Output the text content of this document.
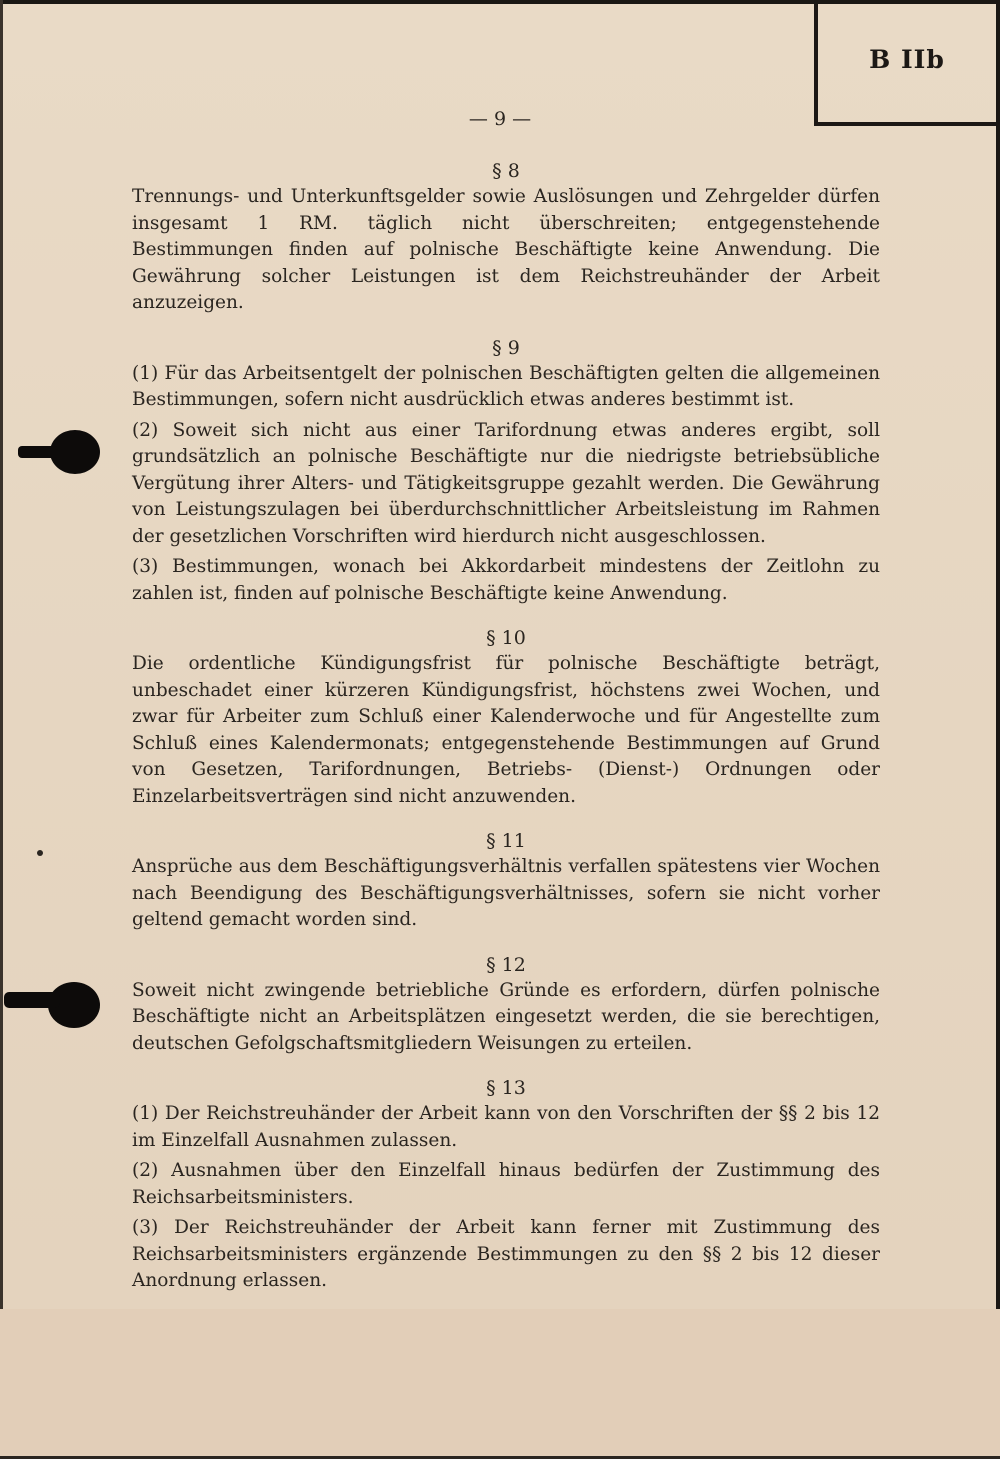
B IIb
— 9 —

§ 8

Trennungs- und Unterkunftsgelder sowie Auslösungen und Zehrgelder dürfen insgesamt 1 RM. täglich nicht überschreiten; entgegenstehende Bestimmungen finden auf polnische Beschäftigte keine Anwendung. Die Gewährung solcher Leistungen ist dem Reichstreuhänder der Arbeit anzuzeigen.

§ 9

(1) Für das Arbeitsentgelt der polnischen Beschäftigten gelten die allgemeinen Bestimmungen, sofern nicht ausdrücklich etwas anderes bestimmt ist.

(2) Soweit sich nicht aus einer Tarifordnung etwas anderes ergibt, soll grundsätzlich an polnische Beschäftigte nur die niedrigste betriebsübliche Vergütung ihrer Alters- und Tätigkeitsgruppe gezahlt werden. Die Gewährung von Leistungszulagen bei überdurchschnittlicher Arbeitsleistung im Rahmen der gesetzlichen Vorschriften wird hierdurch nicht ausgeschlossen.

(3) Bestimmungen, wonach bei Akkordarbeit mindestens der Zeitlohn zu zahlen ist, finden auf polnische Beschäftigte keine Anwendung.

§ 10

Die ordentliche Kündigungsfrist für polnische Beschäftigte beträgt, unbeschadet einer kürzeren Kündigungsfrist, höchstens zwei Wochen, und zwar für Arbeiter zum Schluß einer Kalenderwoche und für Angestellte zum Schluß eines Kalendermonats; entgegenstehende Bestimmungen auf Grund von Gesetzen, Tarifordnungen, Betriebs- (Dienst-) Ordnungen oder Einzelarbeitsverträgen sind nicht anzuwenden.

§ 11

Ansprüche aus dem Beschäftigungsverhältnis verfallen spätestens vier Wochen nach Beendigung des Beschäftigungsverhältnisses, sofern sie nicht vorher geltend gemacht worden sind.

§ 12

Soweit nicht zwingende betriebliche Gründe es erfordern, dürfen polnische Beschäftigte nicht an Arbeitsplätzen eingesetzt werden, die sie berechtigen, deutschen Gefolgschaftsmitgliedern Weisungen zu erteilen.

§ 13

(1) Der Reichstreuhänder der Arbeit kann von den Vorschriften der §§ 2 bis 12 im Einzelfall Ausnahmen zulassen.

(2) Ausnahmen über den Einzelfall hinaus bedürfen der Zustimmung des Reichsarbeitsministers.

(3) Der Reichstreuhänder der Arbeit kann ferner mit Zustimmung des Reichsarbeitsministers ergänzende Bestimmungen zu den §§ 2 bis 12 dieser Anordnung erlassen.
